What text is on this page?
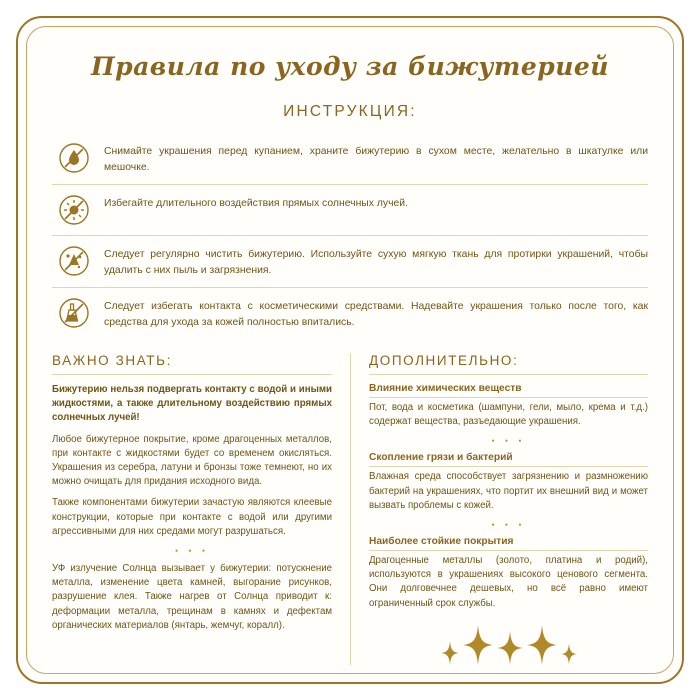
Правила по уходу за бижутерией
ИНСТРУКЦИЯ:
Снимайте украшения перед купанием, храните бижутерию в сухом месте, желательно в шкатулке или мешочке.
Избегайте длительного воздействия прямых солнечных лучей.
Следует регулярно чистить бижутерию. Используйте сухую мягкую ткань для протирки украшений, чтобы удалить с них пыль и загрязнения.
Следует избегать контакта с косметическими средствами. Надевайте украшения только после того, как средства для ухода за кожей полностью впитались.
ВАЖНО ЗНАТЬ:

Бижутерию нельзя подвергать контакту с водой и иными жидкостями, а также длительному воздействию прямых солнечных лучей!

Любое бижутерное покрытие, кроме драгоценных металлов, при контакте с жидкостями будет со временем окисляться. Украшения из серебра, латуни и бронзы тоже темнеют, но их можно очищать для придания исходного вида.

Также компонентами бижутерии зачастую являются клеевые конструкции, которые при контакте с водой или другими агрессивными для них средами могут разрушаться.

• • •

УФ излучение Солнца вызывает у бижутерии: потускнение металла, изменение цвета камней, выгорание рисунков, разрушение клея. Также нагрев от Солнца приводит к: деформации металла, трещинам в камнях и дефектам органических материалов (янтарь, жемчуг, коралл).

ДОПОЛНИТЕЛЬНО:
Влияние химических веществ

Пот, вода и косметика (шампуни, гели, мыло, крема и т.д.) содержат вещества, разъедающие украшения.

• • •
Скопление грязи и бактерий

Влажная среда способствует загрязнению и размножению бактерий на украшениях, что портит их внешний вид и может вызвать проблемы с кожей.

• • •
Наиболее стойкие покрытия

Драгоценные металлы (золото, платина и родий), используются в украшениях высокого ценового сегмента. Они долговечнее дешевых, но всё равно имеют ограниченный срок службы.
